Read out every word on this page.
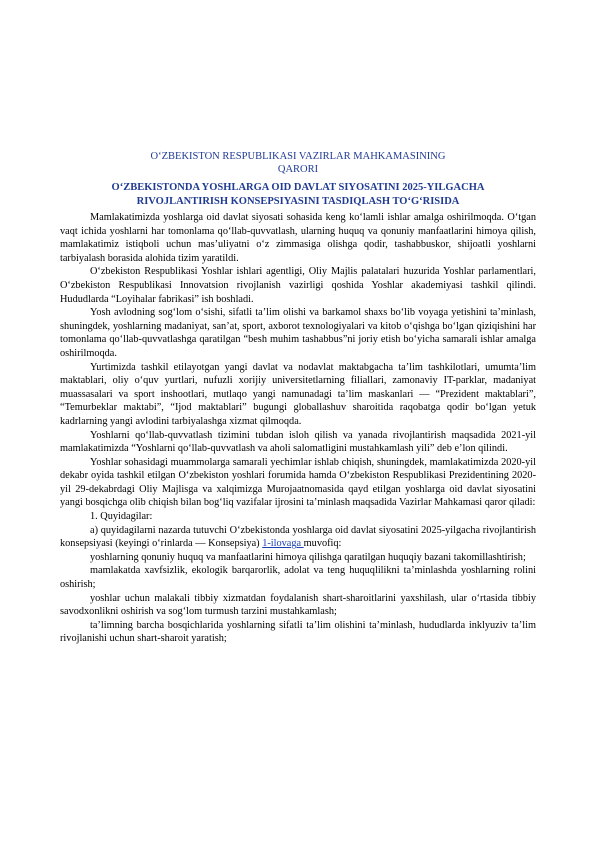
O‘ZBEKISTON RESPUBLIKASI VAZIRLAR MAHKAMASINING
QARORI
O‘ZBEKISTONDA YOSHLARGA OID DAVLAT SIYOSATINI 2025-YILGACHA
RIVOJLANTIRISH KONSEPSIYASINI TASDIQLASH TO‘G‘RISIDA

Mamlakatimizda yoshlarga oid davlat siyosati sohasida keng ko‘lamli ishlar amalga oshirilmoqda. O‘tgan vaqt ichida yoshlarni har tomonlama qo‘llab-quvvatlash, ularning huquq va qonuniy manfaatlarini himoya qilish, mamlakatimiz istiqboli uchun mas’uliyatni o‘z zimmasiga olishga qodir, tashabbuskor, shijoatli yoshlarni tarbiyalash borasida alohida tizim yaratildi.

O‘zbekiston Respublikasi Yoshlar ishlari agentligi, Oliy Majlis palatalari huzurida Yoshlar parlamentlari, O‘zbekiston Respublikasi Innovatsion rivojlanish vazirligi qoshida Yoshlar akademiyasi tashkil qilindi. Hududlarda “Loyihalar fabrikasi” ish boshladi.

Yosh avlodning sog‘lom o‘sishi, sifatli ta’lim olishi va barkamol shaxs bo‘lib voyaga yetishini ta’minlash, shuningdek, yoshlarning madaniyat, san’at, sport, axborot texnologiyalari va kitob o‘qishga bo‘lgan qiziqishini har tomonlama qo‘llab-quvvatlashga qaratilgan “besh muhim tashabbus”ni joriy etish bo‘yicha samarali ishlar amalga oshirilmoqda.

Yurtimizda tashkil etilayotgan yangi davlat va nodavlat maktabgacha ta’lim tashkilotlari, umumta’lim maktablari, oliy o‘quv yurtlari, nufuzli xorijiy universitetlarning filiallari, zamonaviy IT-parklar, madaniyat muassasalari va sport inshootlari, mutlaqo yangi namunadagi ta’lim maskanlari — “Prezident maktablari”, “Temurbeklar maktabi”, “Ijod maktablari” bugungi globallashuv sharoitida raqobatga qodir bo‘lgan yetuk kadrlarning yangi avlodini tarbiyalashga xizmat qilmoqda.

Yoshlarni qo‘llab-quvvatlash tizimini tubdan isloh qilish va yanada rivojlantirish maqsadida 2021-yil mamlakatimizda “Yoshlarni qo‘llab-quvvatlash va aholi salomatligini mustahkamlash yili” deb e’lon qilindi.

Yoshlar sohasidagi muammolarga samarali yechimlar ishlab chiqish, shuningdek, mamlakatimizda 2020-yil dekabr oyida tashkil etilgan O‘zbekiston yoshlari forumida hamda O‘zbekiston Respublikasi Prezidentining 2020-yil 29-dekabrdagi Oliy Majlisga va xalqimizga Murojaatnomasida qayd etilgan yoshlarga oid davlat siyosatini yangi bosqichga olib chiqish bilan bog‘liq vazifalar ijrosini ta’minlash maqsadida Vazirlar Mahkamasi qaror qiladi:

1. Quyidagilar:

a) quyidagilarni nazarda tutuvchi O‘zbekistonda yoshlarga oid davlat siyosatini 2025-yilgacha rivojlantirish konsepsiyasi (keyingi o‘rinlarda — Konsepsiya) 1-ilovaga muvofiq:

yoshlarning qonuniy huquq va manfaatlarini himoya qilishga qaratilgan huquqiy bazani takomillashtirish;

mamlakatda xavfsizlik, ekologik barqarorlik, adolat va teng huquqlilikni ta’minlashda yoshlarning rolini oshirish;

yoshlar uchun malakali tibbiy xizmatdan foydalanish shart-sharoitlarini yaxshilash, ular o‘rtasida tibbiy savodxonlikni oshirish va sog‘lom turmush tarzini mustahkamlash;

ta’limning barcha bosqichlarida yoshlarning sifatli ta’lim olishini ta’minlash, hududlarda inklyuziv ta’lim rivojlanishi uchun shart-sharoit yaratish;
